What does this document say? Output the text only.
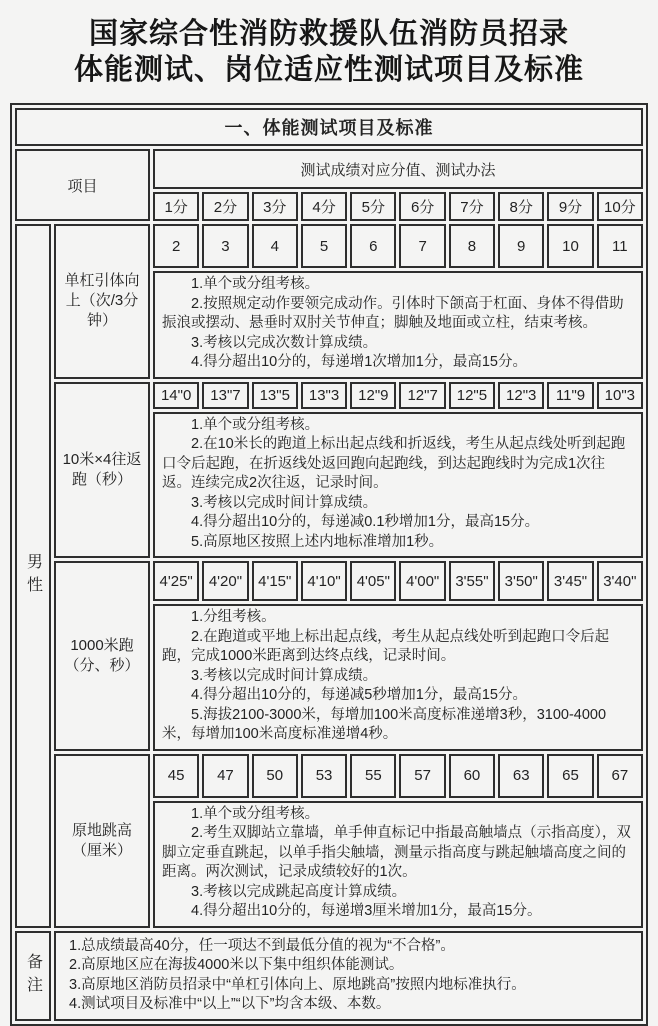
国家综合性消防救援队伍消防员招录
体能测试、岗位适应性测试项目及标准
一、体能测试项目及标准											
项目		测试成绩对应分值、测试办法									
		1分	2分	3分	4分	5分	6分	7分	8分	9分	10分

男性	单杠引体向上（次/3分钟）	2	3	4	5	6	7	8	9	10	11

		1.单个或分组考核。

2.按照规定动作要领完成动作。引体时下颌高于杠面、身体不得借助振浪或摆动、悬垂时双肘关节伸直；脚触及地面或立柱，结束考核。

3.考核以完成次数计算成绩。

4.得分超出10分的，每递增1次增加1分，最高15分。									

	10米×4往返跑（秒）	14"0	13"7	13"5	13"3	12"9	12"7	12"5	12"3	11"9	10"3

		1.单个或分组考核。

2.在10米长的跑道上标出起点线和折返线，考生从起点线处听到起跑口令后起跑，在折返线处返回跑向起跑线，到达起跑线时为完成1次往返。连续完成2次往返，记录时间。

3.考核以完成时间计算成绩。

4.得分超出10分的，每递减0.1秒增加1分，最高15分。

5.高原地区按照上述内地标准增加1秒。									

	1000米跑（分、秒）	4'25"	4'20"	4'15"	4'10"	4'05"	4'00"	3'55"	3'50"	3'45"	3'40"

		1.分组考核。

2.在跑道或平地上标出起点线，考生从起点线处听到起跑口令后起跑，完成1000米距离到达终点线，记录时间。

3.考核以完成时间计算成绩。

4.得分超出10分的，每递减5秒增加1分，最高15分。

5.海拔2100-3000米，每增加100米高度标准递增3秒，3100-4000米，每增加100米高度标准递增4秒。									

	原地跳高（厘米）	45	47	50	53	55	57	60	63	65	67

		1.单个或分组考核。

2.考生双脚站立靠墙，单手伸直标记中指最高触墙点（示指高度），双脚立定垂直跳起，以单手指尖触墙，测量示指高度与跳起触墙高度之间的距离。两次测试，记录成绩较好的1次。

3.考核以完成跳起高度计算成绩。

4.得分超出10分的，每递增3厘米增加1分，最高15分。									

备注	1.总成绩最高40分，任一项达不到最低分值的视为“不合格”。

2.高原地区应在海拔4000米以下集中组织体能测试。

3.高原地区消防员招录中“单杠引体向上、原地跳高”按照内地标准执行。

4.测试项目及标准中“以上”“以下”均含本级、本数。										
